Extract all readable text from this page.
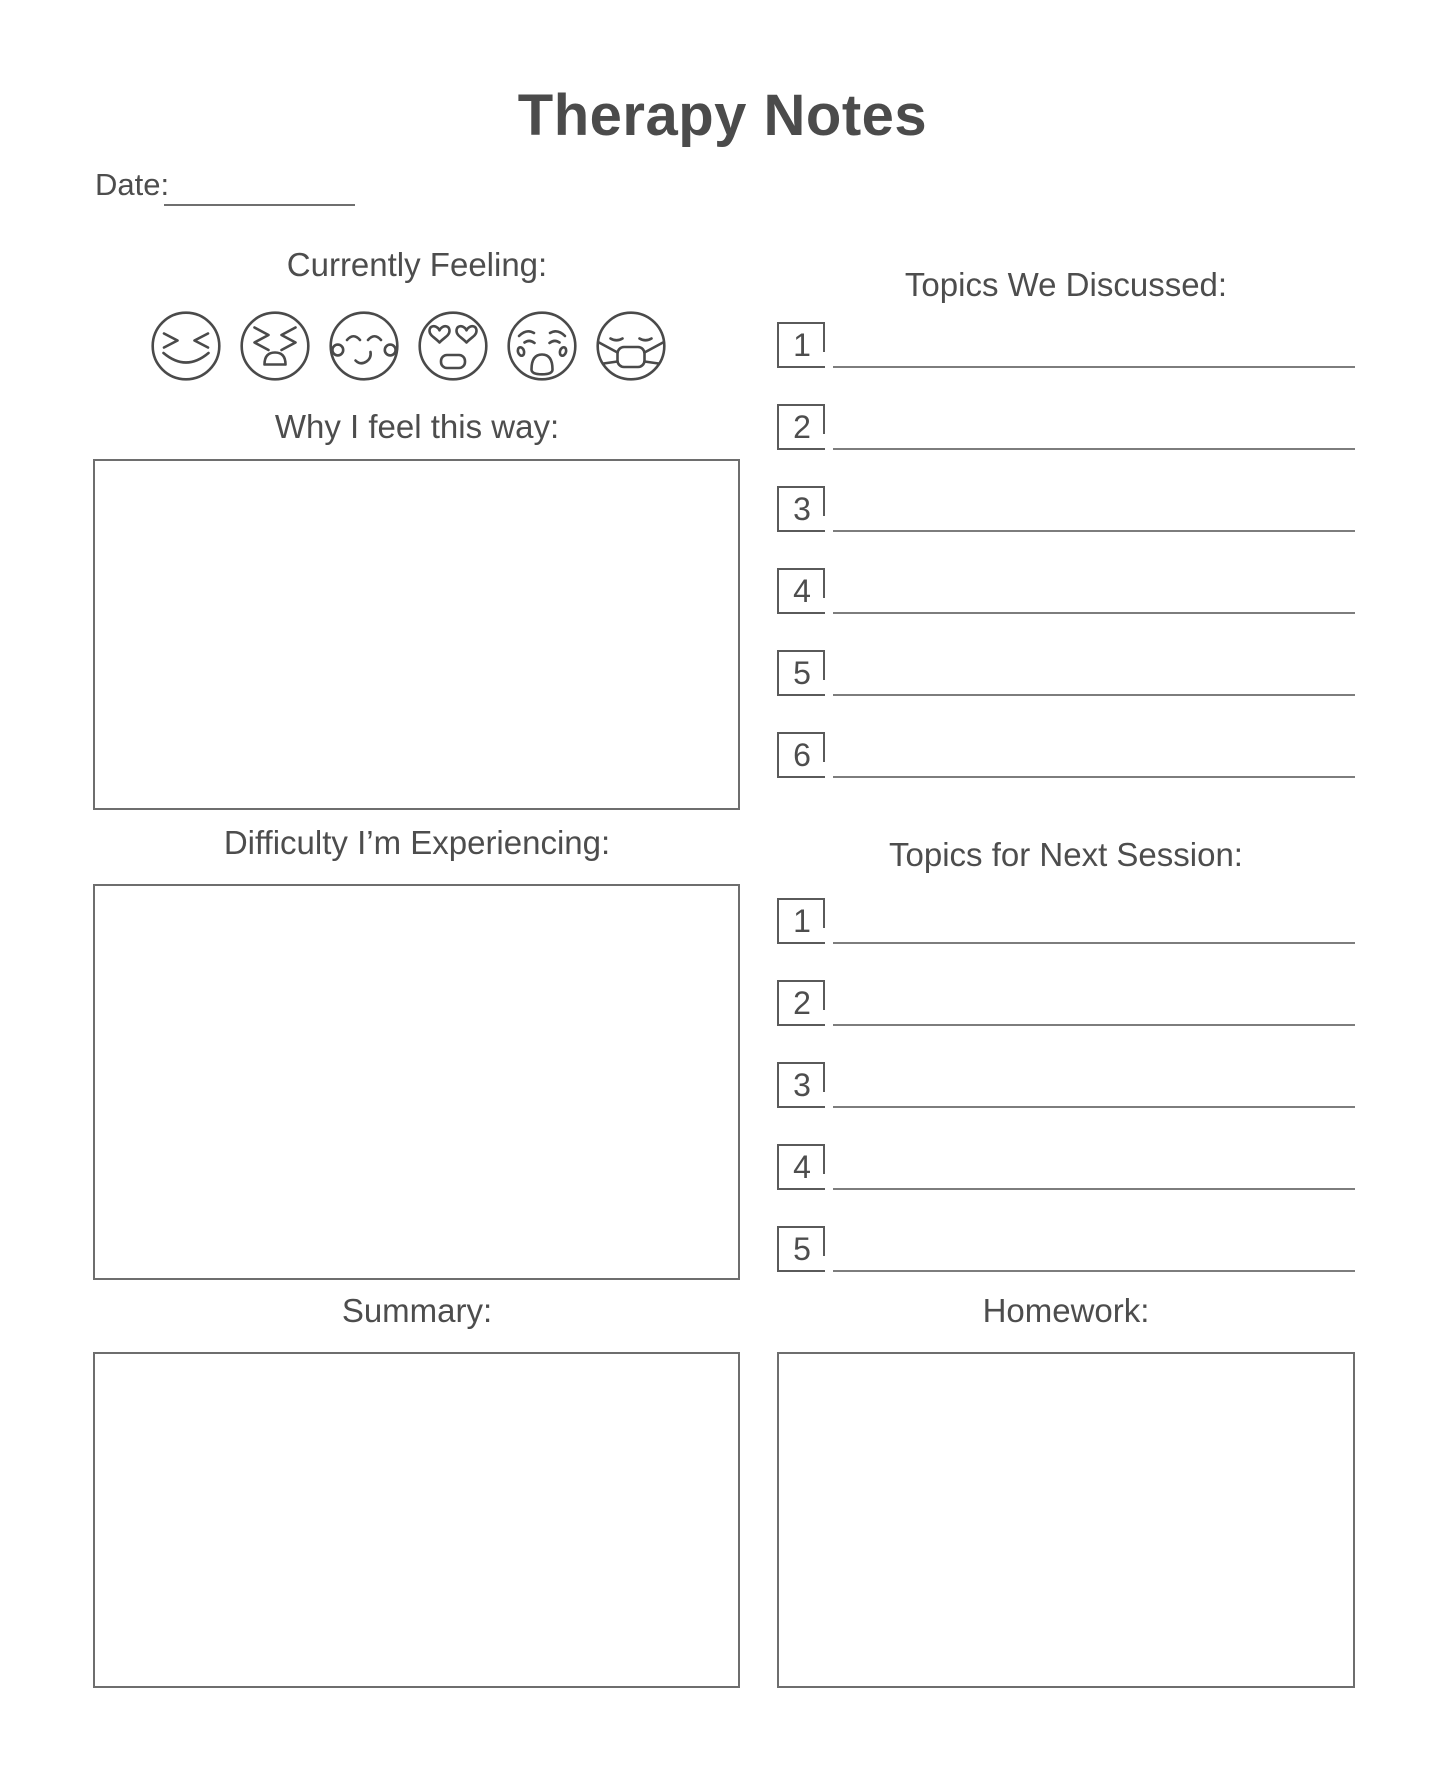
Therapy Notes
Date:
Currently Feeling:
Why I feel this way:
Difficulty I’m Experiencing:
Summary:
Topics We Discussed:
1
2
3
4
5
6
Topics for Next Session:
1
2
3
4
5
Homework:
